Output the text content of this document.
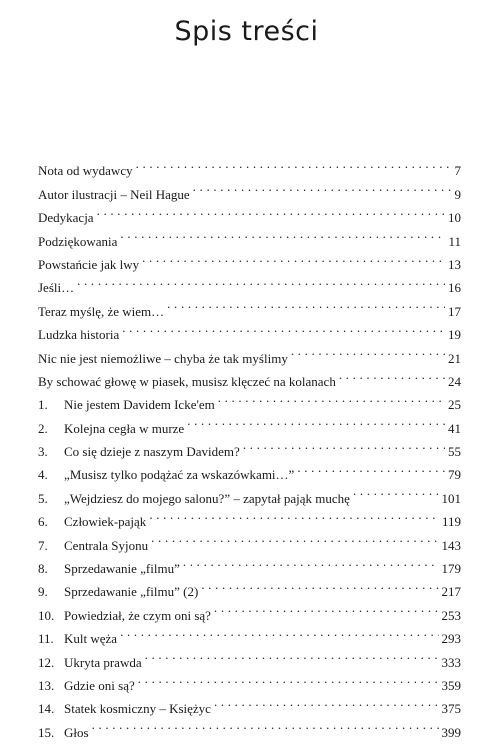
Spis treści
Nota od wydawcy . . .	7
Autor ilustracji – Neil Hague . . .	9
Dedykacja . . .	10
Podziękowania . . .	11
Powstańcie jak lwy . . .	13
Jeśli… . . .	16
Teraz myślę, że wiem… . . .	17
Ludzka historia . . .	19
Nic nie jest niemożliwe – chyba że tak myślimy . . .	21
By schować głowę w piasek, musisz klęczeć na kolanach . . .	24
1.	Nie jestem Davidem Icke'em . . .	25
2.	Kolejna cegła w murze . . .	41
3.	Co się dzieje z naszym Davidem? . . .	55
4.	„Musisz tylko podążać za wskazówkami…” . . .	79
5.	„Wejdziesz do mojego salonu?” – zapytał pająk muchę . . .	101
6.	Człowiek-pająk . . .	119
7.	Centrala Syjonu . . .	143
8.	Sprzedawanie „filmu” . . .	179
9.	Sprzedawanie „filmu” (2) . . .	217
10. Powiedział, że czym oni są? . . .	253
11. Kult węża . . .	293
12. Ukryta prawda . . .	333
13. Gdzie oni są? . . .	359
14. Statek kosmiczny – Księżyc . . .	375
15. Głos . . .	399
